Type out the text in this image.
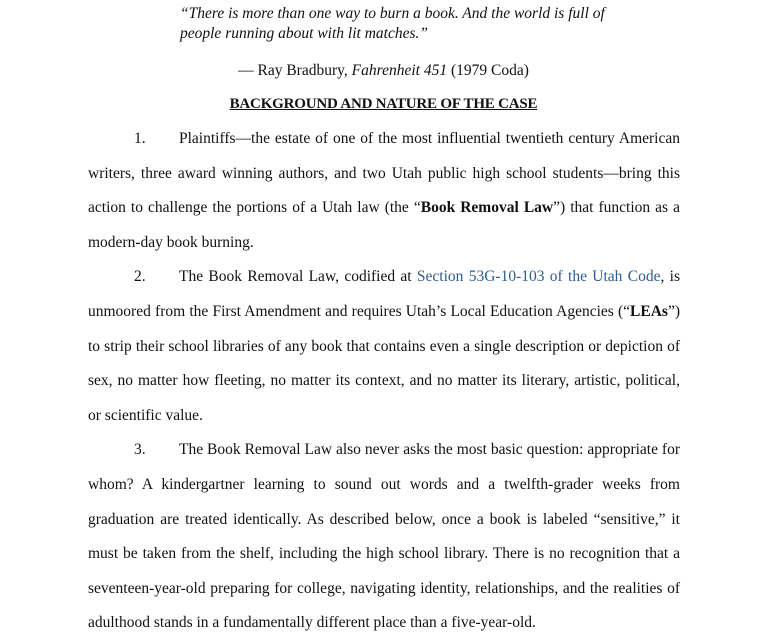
“There is more than one way to burn a book. And the world is full of people running about with lit matches.”
— Ray Bradbury, Fahrenheit 451 (1979 Coda)
BACKGROUND AND NATURE OF THE CASE

1. Plaintiffs—the estate of one of the most influential twentieth century American writers, three award winning authors, and two Utah public high school students—bring this action to challenge the portions of a Utah law (the “Book Removal Law”) that function as a modern-day book burning.

2. The Book Removal Law, codified at Section 53G-10-103 of the Utah Code, is unmoored from the First Amendment and requires Utah’s Local Education Agencies (“LEAs”) to strip their school libraries of any book that contains even a single description or depiction of sex, no matter how fleeting, no matter its context, and no matter its literary, artistic, political, or scientific value.

3. The Book Removal Law also never asks the most basic question: appropriate for whom? A kindergartner learning to sound out words and a twelfth-grader weeks from graduation are treated identically. As described below, once a book is labeled “sensitive,” it must be taken from the shelf, including the high school library. There is no recognition that a seventeen-year-old preparing for college, navigating identity, relationships, and the realities of adulthood stands in a fundamentally different place than a five-year-old.
